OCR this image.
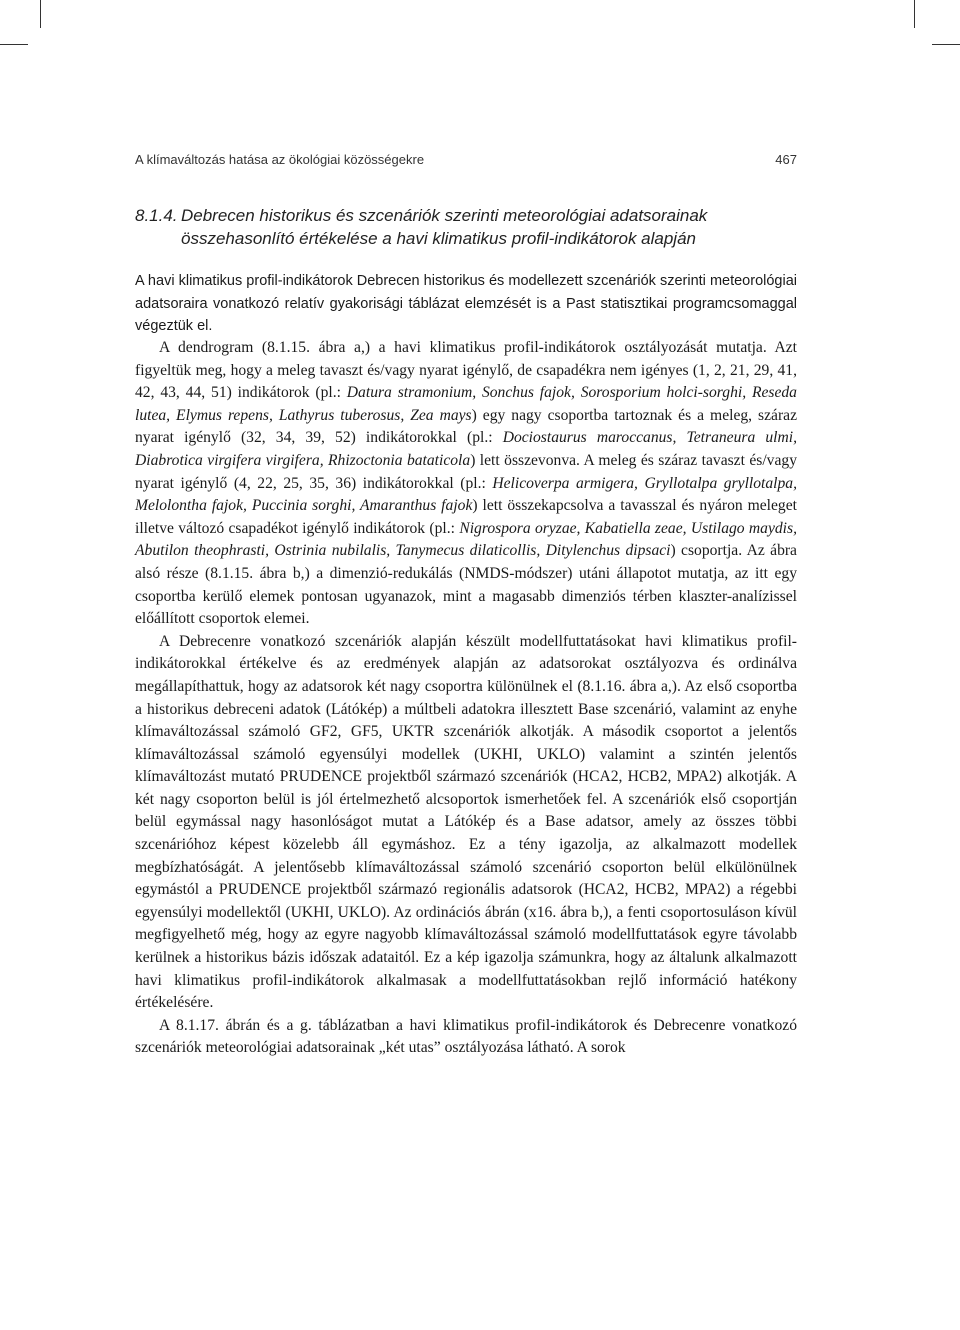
A klímaváltozás hatása az ökológiai közösségekre	467
8.1.4. Debrecen historikus és szcenáriók szerinti meteorológiai adatsorainak
összehasonlító értékelése a havi klimatikus profil-indikátorok alapján
A havi klimatikus profil-indikátorok Debrecen historikus és modellezett szcenáriók szerinti meteorológiai adatsoraira vonatkozó relatív gyakorisági táblázat elemzését is a Past statisztikai programcsomaggal végeztük el.

A dendrogram (8.1.15. ábra a,) a havi klimatikus profil-indikátorok osztályozását mutatja. Azt figyeltük meg, hogy a meleg tavaszt és/vagy nyarat igénylő, de csapadékra nem igényes (1, 2, 21, 29, 41, 42, 43, 44, 51) indikátorok (pl.: Datura stramonium, Sonchus fajok, Sorosporium holci-sorghi, Reseda lutea, Elymus repens, Lathyrus tuberosus, Zea mays) egy nagy csoportba tartoznak és a meleg, száraz nyarat igénylő (32, 34, 39, 52) indikátorokkal (pl.: Dociostaurus maroccanus, Tetraneura ulmi, Diabrotica virgifera virgifera, Rhizoctonia bataticola) lett összevonva. A meleg és száraz tavaszt és/vagy nyarat igénylő (4, 22, 25, 35, 36) indikátorokkal (pl.: Helicoverpa armigera, Gryllotalpa gryllotalpa, Melolontha fajok, Puccinia sorghi, Amaranthus fajok) lett összekapcsolva a tavasszal és nyáron meleget illetve változó csapadékot igénylő indikátorok (pl.: Nigrospora oryzae, Kabatiella zeae, Ustilago maydis, Abutilon theophrasti, Ostrinia nubilalis, Tanymecus dilaticollis, Ditylenchus dipsaci) csoportja. Az ábra alsó része (8.1.15. ábra b,) a dimenzió-redukálás (NMDS-módszer) utáni állapotot mutatja, az itt egy csoportba kerülő elemek pontosan ugyanazok, mint a magasabb dimenziós térben klaszter-analízissel előállított csoportok elemei.

A Debrecenre vonatkozó szcenáriók alapján készült modellfuttatásokat havi klimatikus profil-indikátorokkal értékelve és az eredmények alapján az adatsorokat osztályozva és ordinálva megállapíthattuk, hogy az adatsorok két nagy csoportra különülnek el (8.1.16. ábra a,). Az első csoportba a historikus debreceni adatok (Látókép) a múltbeli adatokra illesztett Base szcenárió, valamint az enyhe klímaváltozással számoló GF2, GF5, UKTR szcenáriók alkotják. A második csoportot a jelentős klímaváltozással számoló egyensúlyi modellek (UKHI, UKLO) valamint a szintén jelentős klímaváltozást mutató PRUDENCE projektből származó szcenáriók (HCA2, HCB2, MPA2) alkotják. A két nagy csoporton belül is jól értelmezhető alcsoportok ismerhetőek fel. A szcenáriók első csoportján belül egymással nagy hasonlóságot mutat a Látókép és a Base adatsor, amely az összes többi szcenárióhoz képest közelebb áll egymáshoz. Ez a tény igazolja, az alkalmazott modellek megbízhatóságát. A jelentősebb klímaváltozással számoló szcenárió csoporton belül elkülönülnek egymástól a PRUDENCE projektből származó regionális adatsorok (HCA2, HCB2, MPA2) a régebbi egyensúlyi modellektől (UKHI, UKLO). Az ordinációs ábrán (x16. ábra b,), a fenti csoportosuláson kívül megfigyelhető még, hogy az egyre nagyobb klímaváltozással számoló modellfuttatások egyre távolabb kerülnek a historikus bázis időszak adataitól. Ez a kép igazolja számunkra, hogy az általunk alkalmazott havi klimatikus profil-indikátorok alkalmasak a modellfuttatásokban rejlő információ hatékony értékelésére.

A 8.1.17. ábrán és a g. táblázatban a havi klimatikus profil-indikátorok és Debrecenre vonatkozó szcenáriók meteorológiai adatsorainak „két utas” osztályozása látható. A sorok
